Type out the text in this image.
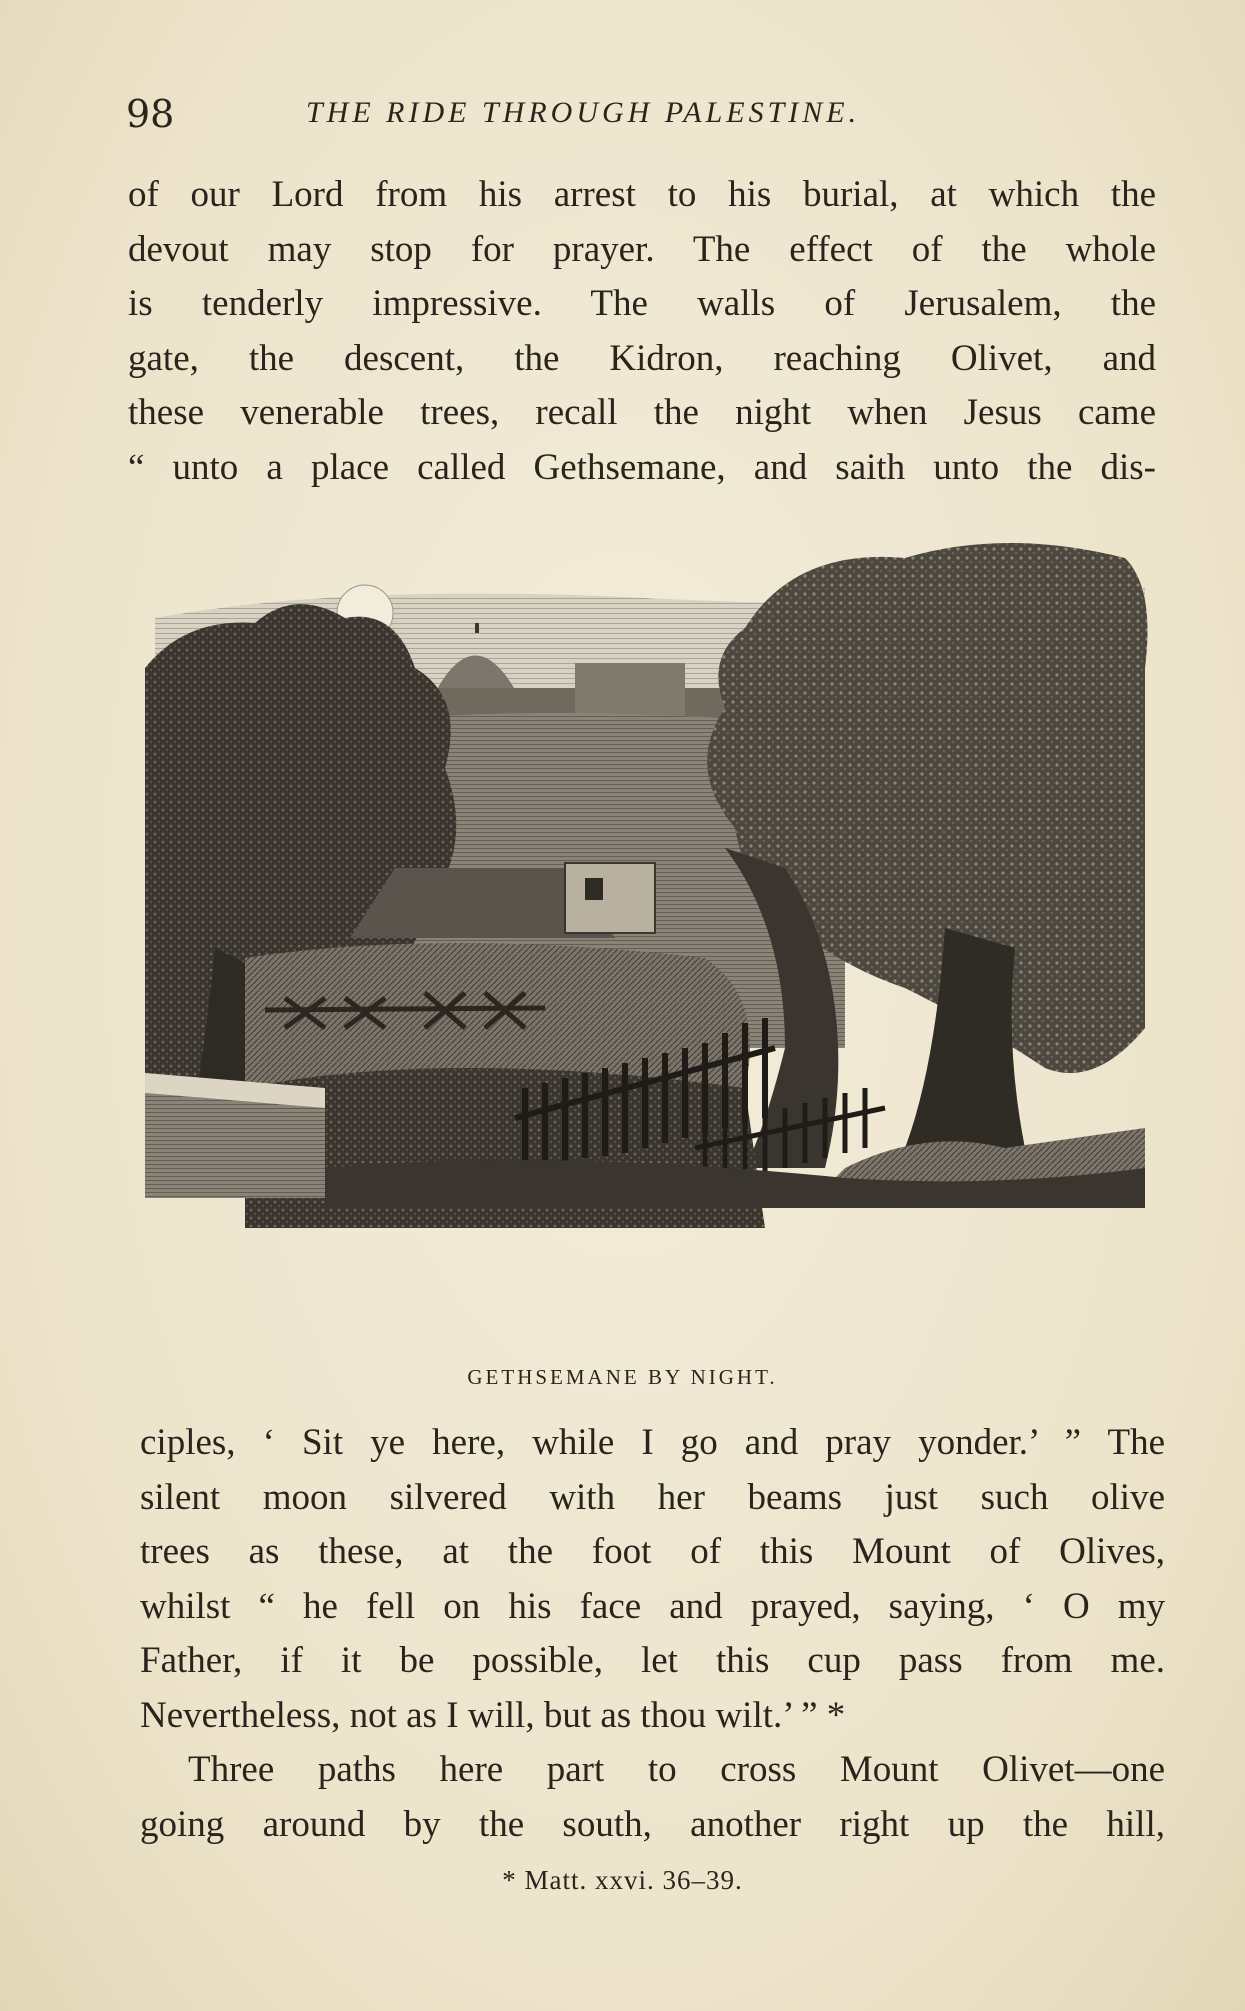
98	THE RIDE THROUGH PALESTINE.

of our Lord from his arrest to his burial, at which the

devout may stop for prayer. The effect of the whole

is tenderly impressive. The walls of Jerusalem, the

gate, the descent, the Kidron, reaching Olivet, and

these venerable trees, recall the night when Jesus came

“ unto a place called Gethsemane, and saith unto the dis-

GETHSEMANE BY NIGHT.

ciples, ‘ Sit ye here, while I go and pray yonder.’ ” The

silent moon silvered with her beams just such olive

trees as these, at the foot of this Mount of Olives,

whilst “ he fell on his face and prayed, saying, ‘ O my

Father, if it be possible, let this cup pass from me.

Nevertheless, not as I will, but as thou wilt.’ ” *

Three paths here part to cross Mount Olivet—one

going around by the south, another right up the hill,

* Matt. xxvi. 36–39.
